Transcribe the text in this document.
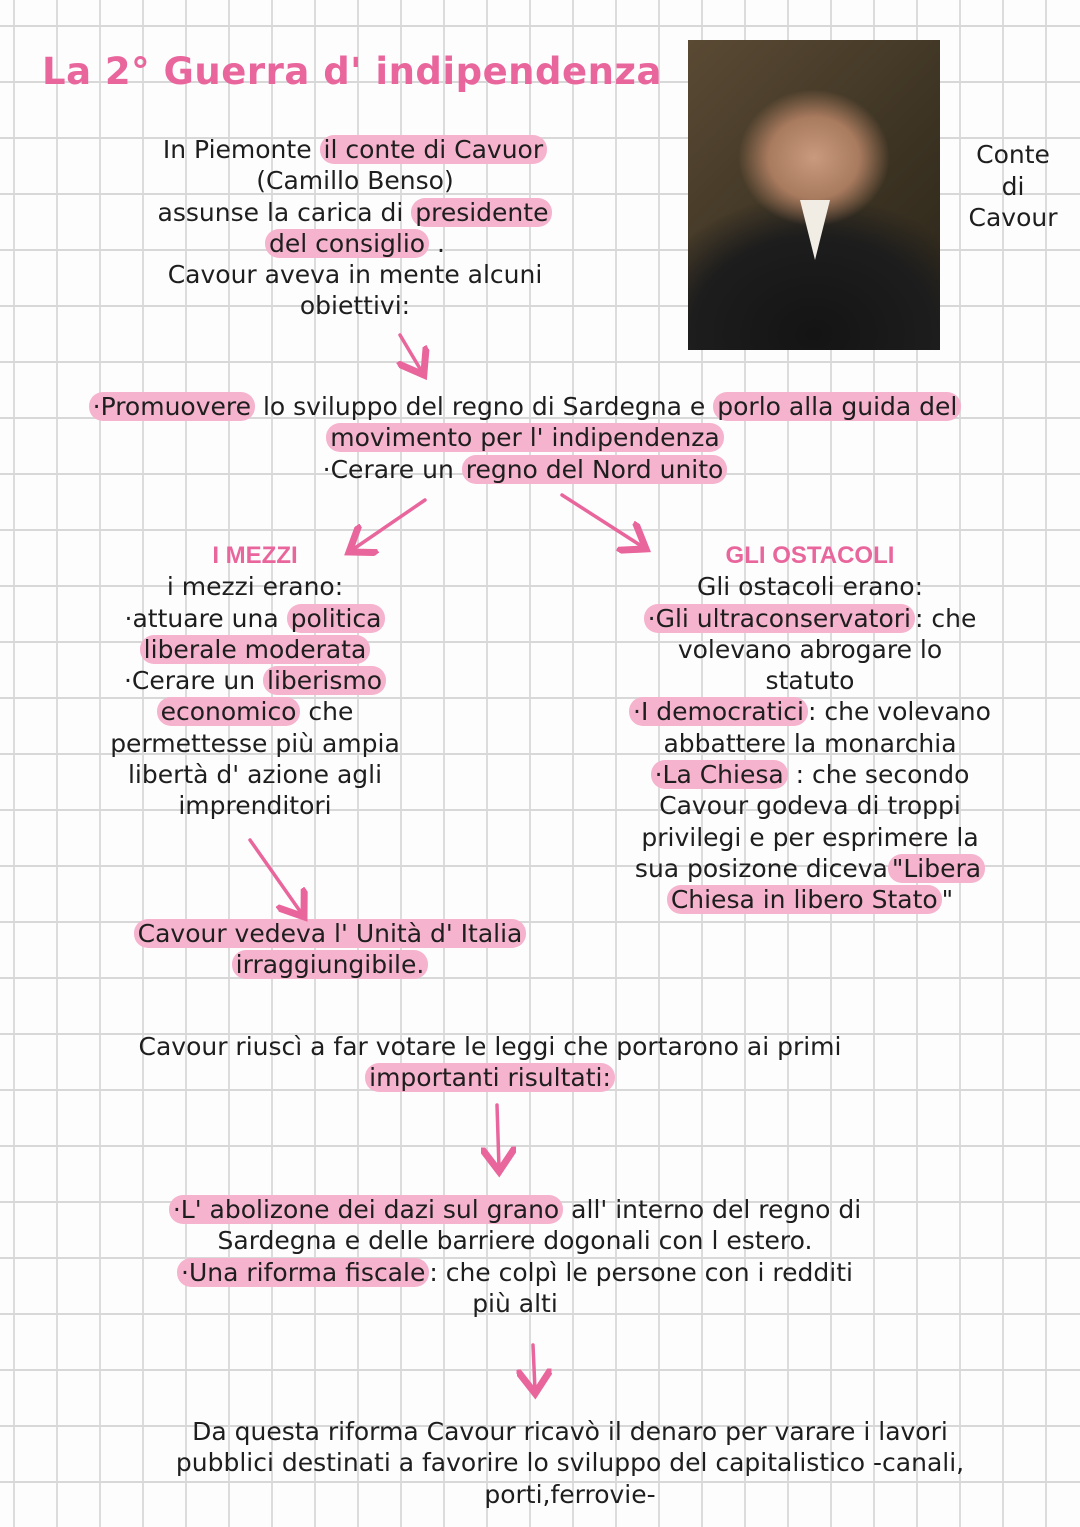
La 2° Guerra d' indipendenza
Conte
di
Cavour
In Piemonte il conte di Cavuor
(Camillo Benso)
assunse la carica di presidente
del consiglio .
Cavour aveva in mente alcuni
obiettivi:
·Promuovere lo sviluppo del regno di Sardegna e porlo alla guida del
movimento per l' indipendenza
·Cerare un regno del Nord unito
I MEZZI
i mezzi erano:
·attuare una politica
liberale moderata
·Cerare un liberismo
economico che
permettesse più ampia
libertà d' azione agli
imprenditori
GLI OSTACOLI
Gli ostacoli erano:
·Gli ultraconservatori : che
volevano abrogare lo
statuto
·I democratici : che volevano
abbattere la monarchia
·La Chiesa : che secondo
Cavour godeva di troppi
privilegi e per esprimere la
sua posizone diceva "Libera
Chiesa in libero Stato "
Cavour vedeva l' Unità d' Italia
irraggiungibile.
Cavour riuscì a far votare le leggi che portarono ai primi
importanti risultati:
·L' abolizone dei dazi sul grano all' interno del regno di
Sardegna e delle barriere dogonali con l estero.
·Una riforma fiscale : che colpì le persone con i redditi
più alti
Da questa riforma Cavour ricavò il denaro per varare i lavori
pubblici destinati a favorire lo sviluppo del capitalistico -canali,
porti,ferrovie-
